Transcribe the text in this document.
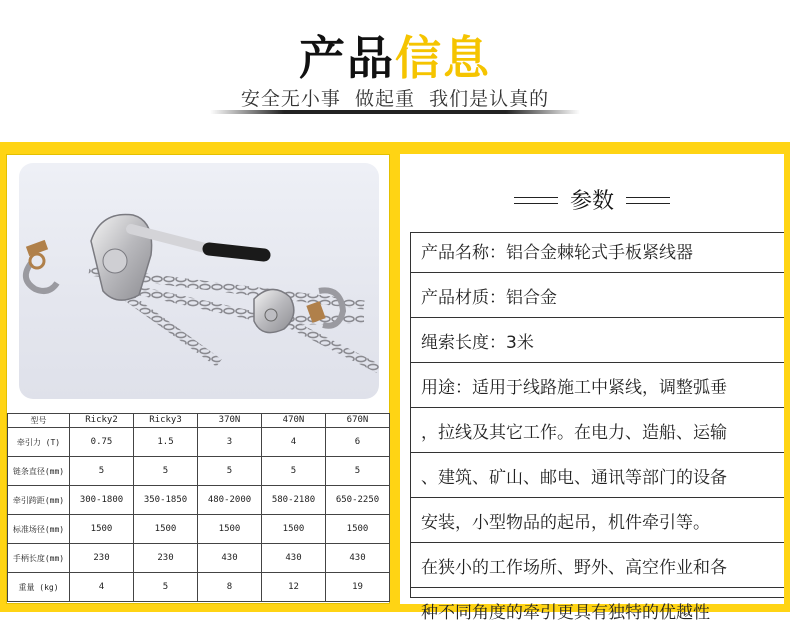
产品信息
安全无小事  做起重  我们是认真的
型号	Ricky2	Ricky3	370N	470N	670N
牵引力 (T)	0.75	1.5	3	4	6
链条直径(mm)	5	5	5	5	5
牵引跨距(mm)	300-1800	350-1850	480-2000	580-2180	650-2250
标准场径(mm)	1500	1500	1500	1500	1500
手柄长度(mm)	230	230	430	430	430
重量 (kg)	4	5	8	12	19
参数
产品名称：铝合金棘轮式手板紧线器
产品材质：铝合金
绳索长度：3米
用途：适用于线路施工中紧线，调整弧垂
，拉线及其它工作。在电力、造船、运输
、建筑、矿山、邮电、通讯等部门的设备
安装，小型物品的起吊，机件牵引等。
在狭小的工作场所、野外、高空作业和各
种不同角度的牵引更具有独特的优越性
